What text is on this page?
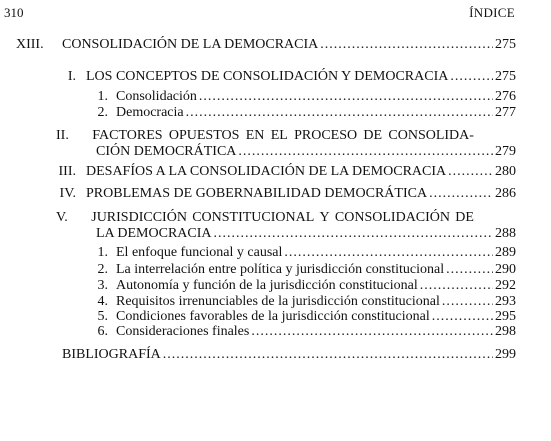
310	ÍNDICE
XIII.	CONSOLIDACIÓN DE LA DEMOCRACIA .....	275
I. LOS CONCEPTOS DE CONSOLIDACIÓN Y DEMOCRACIA .....	275
1. Consolidación .....	276
2. Democracia .....	277
II.	FACTORES OPUESTOS EN EL PROCESO DE CONSOLIDA-
CIÓN DEMOCRÁTICA .....	279
III. DESAFÍOS A LA CONSOLIDACIÓN DE LA DEMOCRACIA .....	280
IV. PROBLEMAS DE GOBERNABILIDAD DEMOCRÁTICA .....	286
V.	JURISDICCIÓN CONSTITUCIONAL Y CONSOLIDACIÓN DE
LA DEMOCRACIA .....	288
1. El enfoque funcional y causal .....	289
2. La interrelación entre política y jurisdicción constitucional .....	290
3. Autonomía y función de la jurisdicción constitucional .....	292
4. Requisitos irrenunciables de la jurisdicción constitucional .....	293
5. Condiciones favorables de la jurisdicción constitucional .....	295
6. Consideraciones finales .....	298
BIBLIOGRAFÍA .....	299
